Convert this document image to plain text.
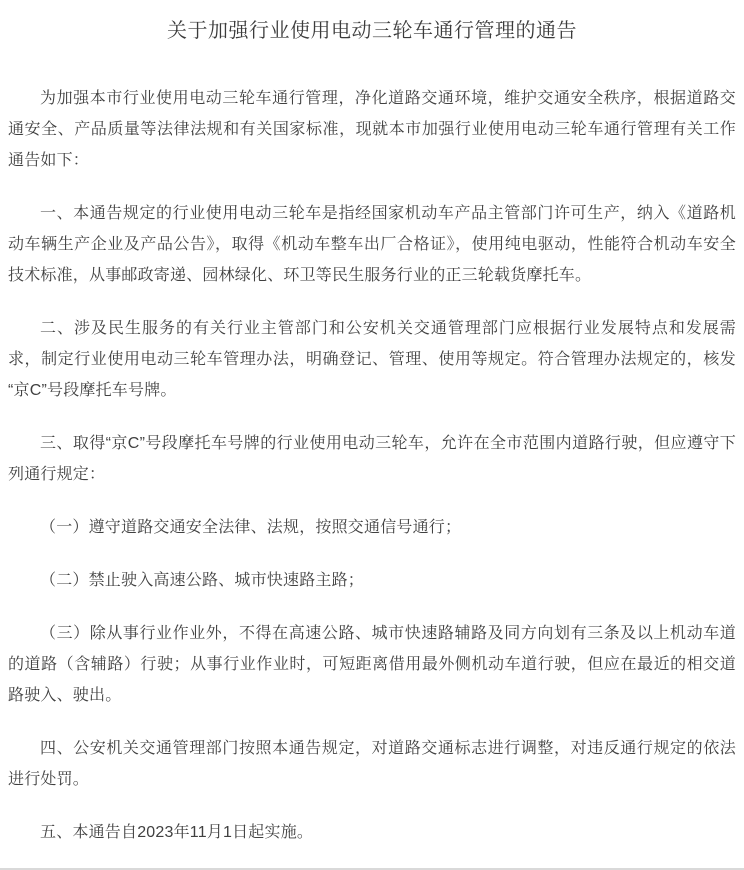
关于加强行业使用电动三轮车通行管理的通告

为加强本市行业使用电动三轮车通行管理，净化道路交通环境，维护交通安全秩序，根据道路交通安全、产品质量等法律法规和有关国家标准，现就本市加强行业使用电动三轮车通行管理有关工作通告如下：

一、本通告规定的行业使用电动三轮车是指经国家机动车产品主管部门许可生产，纳入《道路机动车辆生产企业及产品公告》，取得《机动车整车出厂合格证》，使用纯电驱动，性能符合机动车安全技术标准，从事邮政寄递、园林绿化、环卫等民生服务行业的正三轮载货摩托车。

二、涉及民生服务的有关行业主管部门和公安机关交通管理部门应根据行业发展特点和发展需求，制定行业使用电动三轮车管理办法，明确登记、管理、使用等规定。符合管理办法规定的，核发“京C”号段摩托车号牌。

三、取得“京C”号段摩托车号牌的行业使用电动三轮车，允许在全市范围内道路行驶，但应遵守下列通行规定：

（一）遵守道路交通安全法律、法规，按照交通信号通行；

（二）禁止驶入高速公路、城市快速路主路；

（三）除从事行业作业外，不得在高速公路、城市快速路辅路及同方向划有三条及以上机动车道的道路（含辅路）行驶；从事行业作业时，可短距离借用最外侧机动车道行驶，但应在最近的相交道路驶入、驶出。

四、公安机关交通管理部门按照本通告规定，对道路交通标志进行调整，对违反通行规定的依法进行处罚。

五、本通告自2023年11月1日起实施。
